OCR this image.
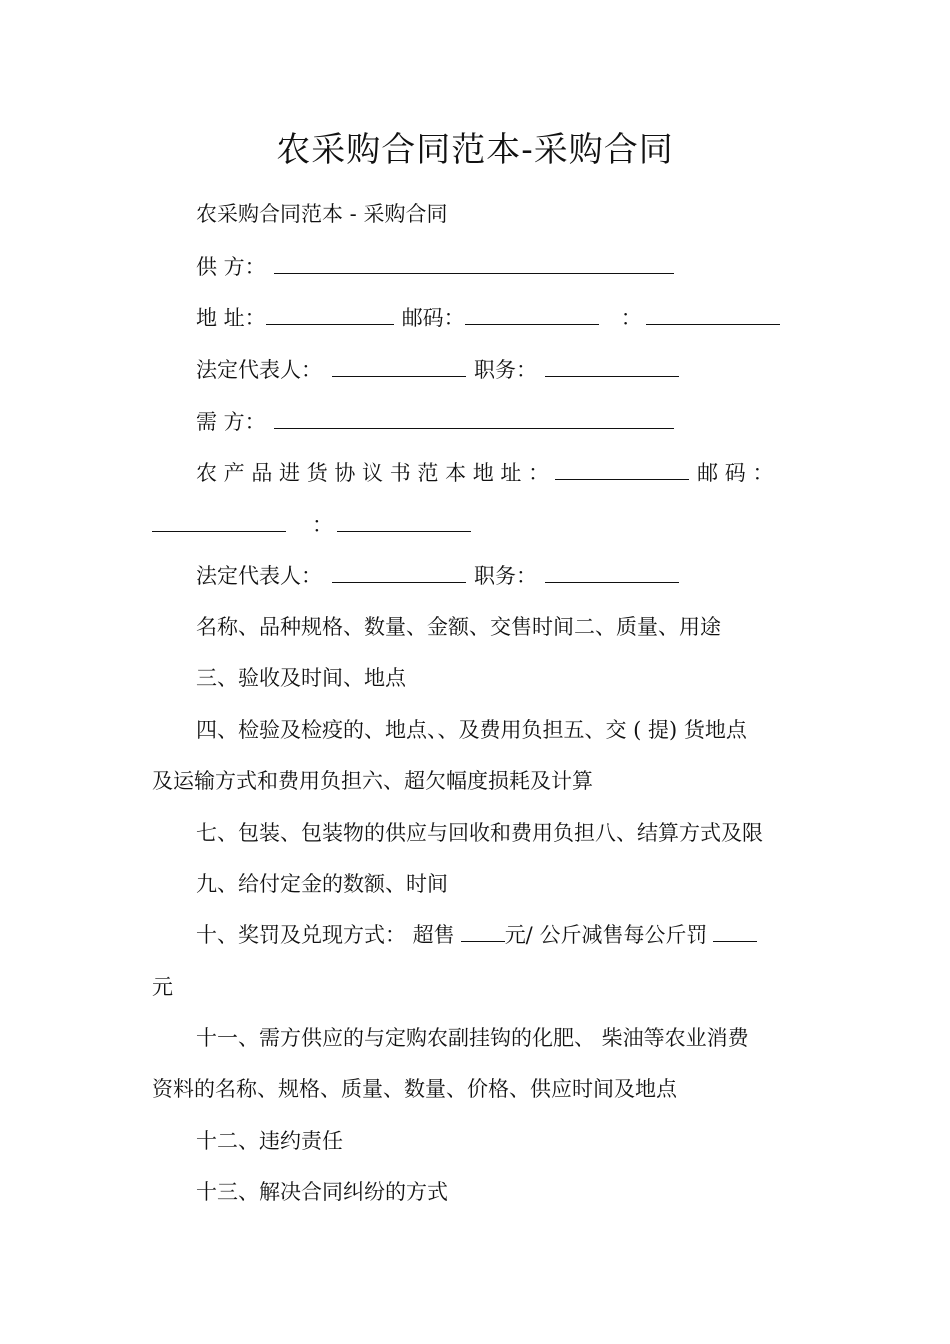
农采购合同范本-采购合同
农采购合同范本 - 采购合同
供 方：
地 址：	邮码：	：
法定代表人：	职务：
需 方：
农 产 品 进 货 协 议 书 范 本 地 址 ：	邮 码 ：
：
法定代表人：	职务：
名称、品种规格、数量、金额、交售时间二、质量、用途
三、验收及时间、地点
四、检验及检疫的、地点、、及费用负担五、交 ( 提) 货地点
及运输方式和费用负担六、超欠幅度损耗及计算
七、包装、包装物的供应与回收和费用负担八、结算方式及限
九、给付定金的数额、时间
十、奖罚及兑现方式： 超售 元/ 公斤减售每公斤罚
元
十一、需方供应的与定购农副挂钩的化肥、 柴油等农业消费
资料的名称、规格、质量、数量、价格、供应时间及地点
十二、违约责任
十三、解决合同纠纷的方式
